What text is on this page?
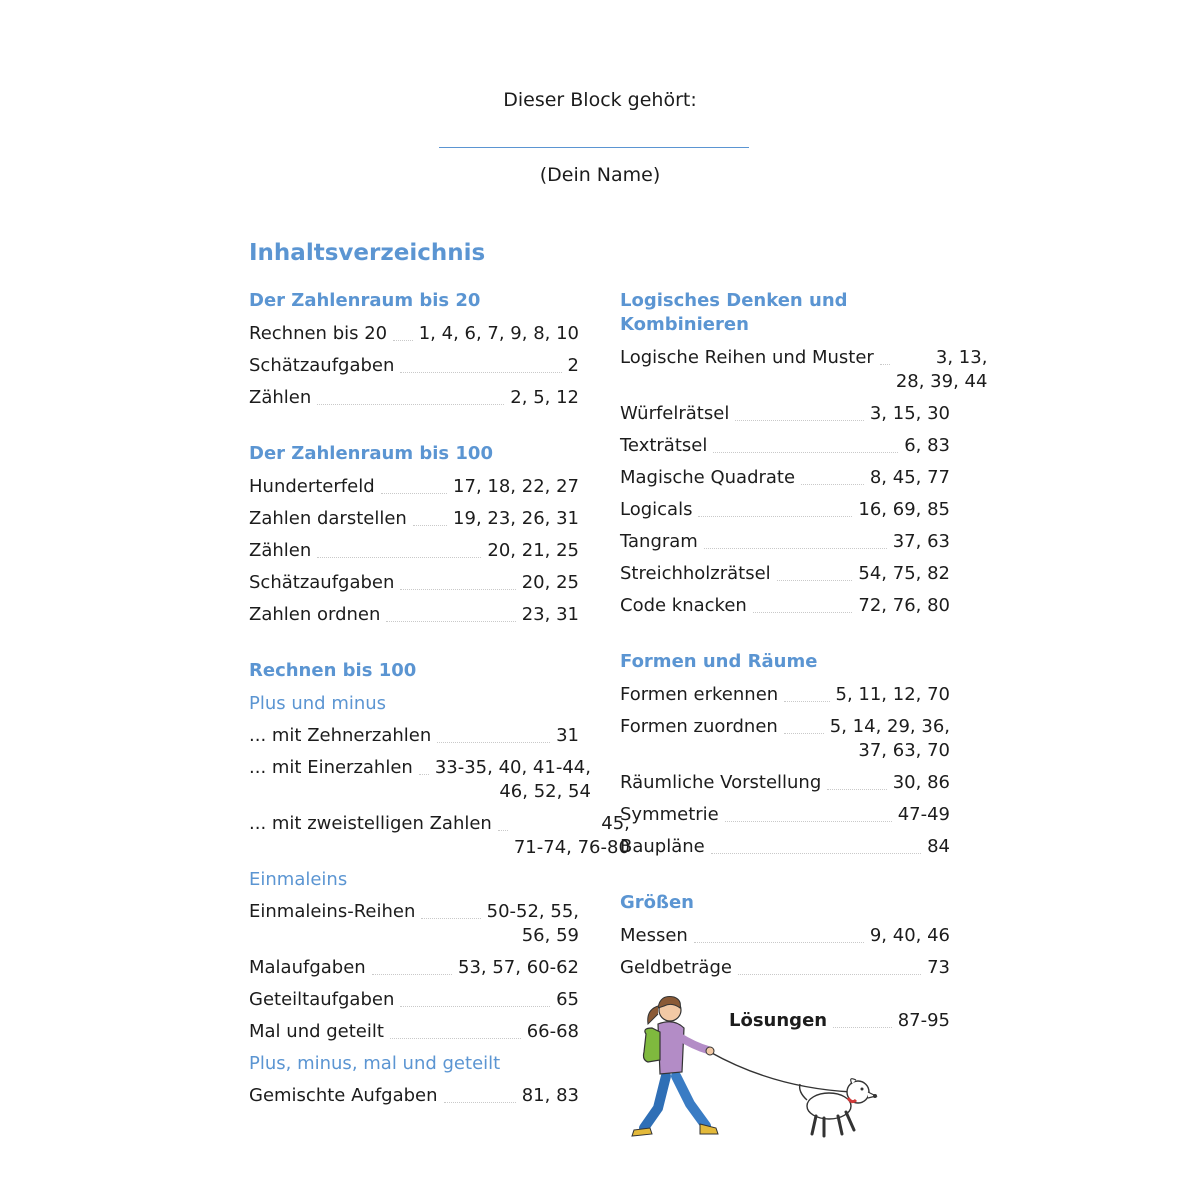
Dieser Block gehört:
(Dein Name)
Inhaltsverzeichnis
Der Zahlenraum bis 20
Rechnen bis 20 1, 4, 6, 7, 9, 8, 10
Schätzaufgaben	2
Zählen	2, 5, 12
Der Zahlenraum bis 100
Hunderterfeld	17, 18, 22, 27
Zahlen darstellen	19, 23, 26, 31
Zählen	20, 21, 25
Schätzaufgaben	20, 25
Zahlen ordnen	23, 31
Rechnen bis 100
Plus und minus
... mit Zehnerzahlen	31
... mit Einerzahlen 33-35, 40, 41-44,
46, 52, 54
... mit zweistelligen Zahlen	45,
71-74, 76-80
Einmaleins
Einmaleins-Reihen	50-52, 55,
56, 59
Malaufgaben	53, 57, 60-62
Geteiltaufgaben	65
Mal und geteilt	66-68
Plus, minus, mal und geteilt
Gemischte Aufgaben	81, 83
Logisches Denken und Kombinieren
Logische Reihen und Muster	3, 13,
28, 39, 44
Würfelrätsel	3, 15, 30
Texträtsel	6, 83
Magische Quadrate	8, 45, 77
Logicals	16, 69, 85
Tangram	37, 63
Streichholzrätsel	54, 75, 82
Code knacken	72, 76, 80
Formen und Räume
Formen erkennen	5, 11, 12, 70
Formen zuordnen	5, 14, 29, 36,
37, 63, 70
Räumliche Vorstellung	30, 86
Symmetrie	47-49
Baupläne	84
Größen
Messen	9, 40, 46
Geldbeträge	73
Lösungen	87-95
